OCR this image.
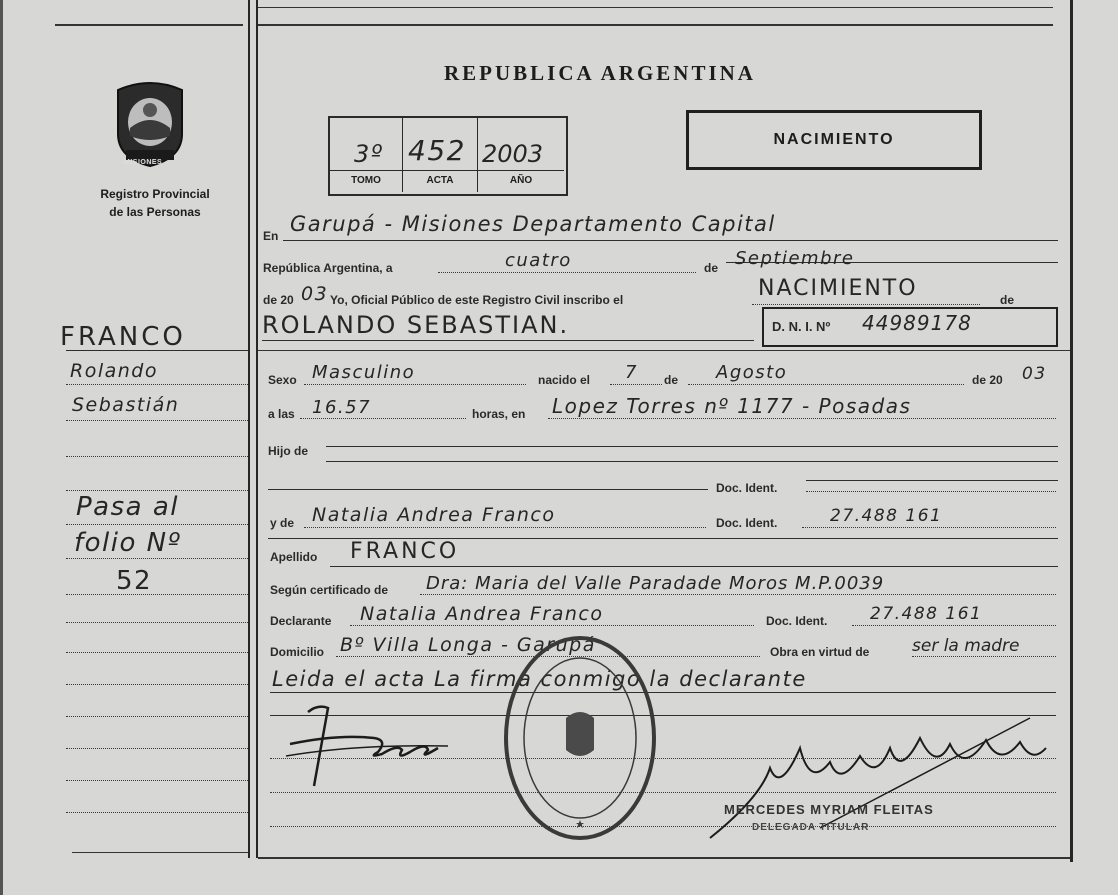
MISIONES
Registro Provincial
de las Personas
REPUBLICA ARGENTINA
3º 452 2003
TOMO	ACTA	AÑO
NACIMIENTO
En Garupá - Misiones Departamento Capital
República Argentina, a	cuatro	de Septiembre
de 20 03 Yo, Oficial Público de este Registro Civil inscribo el	NACIMIENTO	de
ROLANDO SEBASTIAN.	D. N. I. Nº 44989178
Sexo Masculino	nacido el 7 de Agosto	de 20 03
a las 16.57	horas, en Lopez Torres nº 1177 - Posadas
Hijo de
Doc. Ident.
y de Natalia Andrea Franco	Doc. Ident.	27.488 161
Apellido FRANCO
Según certificado de Dra: Maria del Valle Paradade Moros M.P.0039
Declarante Natalia Andrea Franco	Doc. Ident.	27.488 161
Domicilio Bº Villa Longa - Garupá	Obra en virtud de	ser la madre
Leida el acta La firma conmigo la declarante
FRANCO
Rolando
Sebastián
Pasa al
folio Nº
52
MERCEDES MYRIAM FLEITAS
DELEGADA TITULAR
